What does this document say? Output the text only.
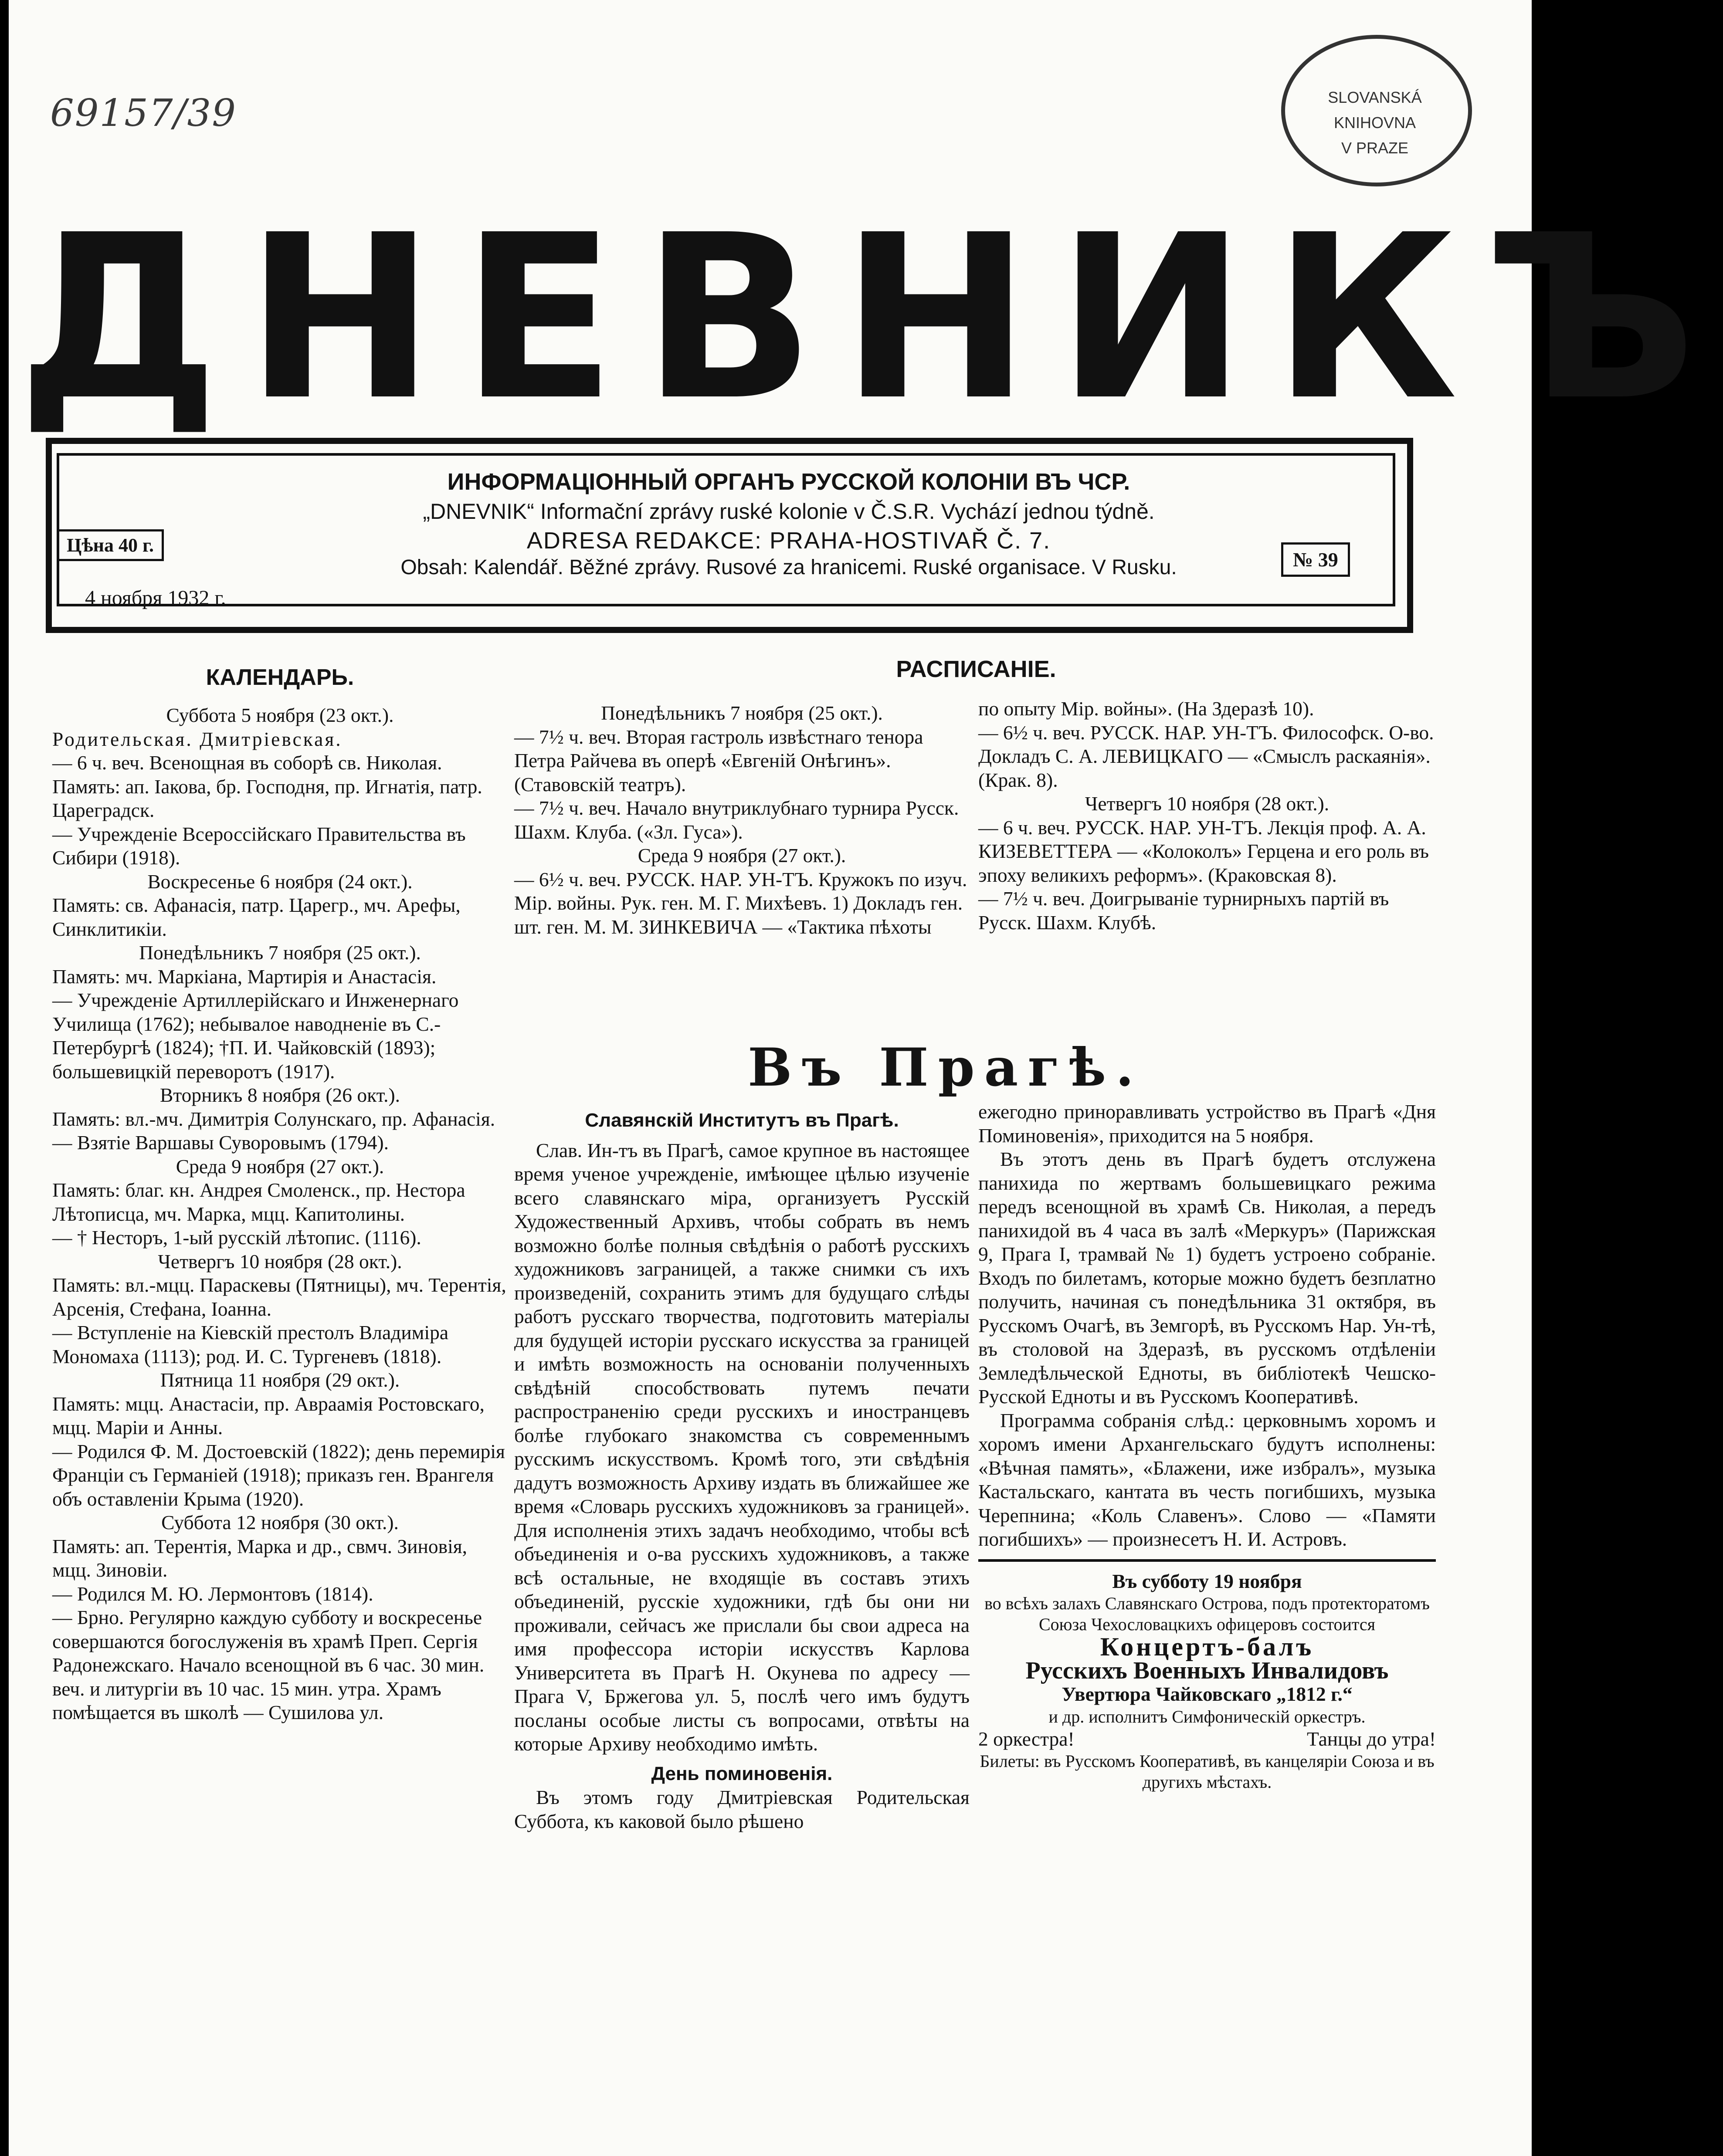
69157/39	SLOVANSKÁ
KNIHOVNA
V PRAZE
ДНЕВНИКЪ
ИНФОРМАЦIОННЫЙ ОРГАНЪ РУССКОЙ КОЛОНIИ ВЪ ЧСР.
„DNEVNIK“ Informační zprávy ruské kolonie v Č.S.R. Vychází jednou týdně.
ADRESA REDAKCE: PRAHA-HOSTIVAŘ Č. 7.
Obsah: Kalendář. Běžné zprávy. Rusové za hranicemi. Ruské organisace. V Rusku.
Цѣна 40 г.
№ 39
4 ноября 1932 г.
КАЛЕНДАРЬ.

Суббота 5 ноября (23 окт.).

Родительская. Дмитрiевская.

— 6 ч. веч. Всенощная въ соборѣ св. Николая.

Память: ап. Iакова, бр. Господня, пр. Игнатiя, патр. Цареградск.

— Учрежденiе Всероссiйскаго Правительства въ Сибири (1918).

Воскресенье 6 ноября (24 окт.).

Память: св. Афанасiя, патр. Цaрегр., мч. Арефы, Синклитикiи.

Понедѣльникъ 7 ноября (25 окт.).

Память: мч. Маркiана, Мартирiя и Анастасiя.

— Учрежденiе Артиллерiйскаго и Инженернаго Училища (1762); небывалое наводненiе въ С.-Петербургѣ (1824); †П. И. Чайковскiй (1893); большевицкiй переворотъ (1917).

Вторникъ 8 ноября (26 окт.).

Память: вл.-мч. Димитрiя Солунскаго, пр. Афанасiя.

— Взятiе Варшавы Суворовымъ (1794).

Среда 9 ноября (27 окт.).

Память: благ. кн. Андрея Смоленск., пр. Нестора Лѣтописца, мч. Марка, мцц. Капитолины.

— † Несторъ, 1-ый русскiй лѣтопис. (1116).

Четвергъ 10 ноября (28 окт.).

Память: вл.-мцц. Параскевы (Пятницы), мч. Терентiя, Арсенiя, Стефана, Iоанна.

— Вступленiе на Кiевскiй престолъ Владимiра Мономаха (1113); род. И. С. Тургеневъ (1818).

Пятница 11 ноября (29 окт.).

Память: мцц. Анастасiи, пр. Авраамiя Ростовскаго, мцц. Марiи и Анны.

— Родился Ф. М. Достоевскiй (1822); день перемирiя Францiи съ Германiей (1918); приказъ ген. Врангеля объ оставленiи Крыма (1920).

Суббота 12 ноября (30 окт.).

Память: ап. Терентiя, Марка и др., свмч. Зиновiя, мцц. Зиновiи.

— Родился М. Ю. Лермонтовъ (1814).

— Брно. Регулярно каждую субботу и воскресенье совершаются богослуженiя въ храмѣ Преп. Сергiя Радонежскаго. Начало всенощной въ 6 час. 30 мин. веч. и литургiи въ 10 час. 15 мин. утра. Храмъ помѣщается въ школѣ — Сушилова ул.

РАСПИСАНIЕ.

Понедѣльникъ 7 ноября (25 окт.).

— 7½ ч. веч. Вторая гастроль извѣстнаго тенора Петра Райчева въ оперѣ «Евгенiй Онѣгинъ». (Ставовскiй театръ).

— 7½ ч. веч. Начало внутриклубнаго турнира Русск. Шахм. Клуба. («Зл. Гуса»).

Среда 9 ноября (27 окт.).

— 6½ ч. веч. РУССК. НАР. УН-ТЪ. Кружокъ по изуч. Мiр. войны. Рук. ген. М. Г. Михѣевъ. 1) Докладъ ген. шт. ген. М. М. ЗИНКЕВИЧА — «Тактика пѣхоты

по опыту Мiр. войны». (На Здеразѣ 10).

— 6½ ч. веч. РУССК. НАР. УН-ТЪ. Философск. О-во. Докладъ С. А. ЛЕВИЦКАГО — «Смыслъ раскаянiя». (Крак. 8).

Четвергъ 10 ноября (28 окт.).

— 6 ч. веч. РУССК. НАР. УН-ТЪ. Лекцiя проф. А. А. КИЗЕВЕТТЕРА — «Колоколъ» Герцена и его роль въ эпоху великихъ реформъ». (Краковская 8).

— 7½ ч. веч. Доигрыванiе турнирныхъ партiй въ Русск. Шахм. Клубѣ.

Въ Прагѣ.

Славянскiй Институтъ въ Прагѣ.

Слав. Ин-тъ въ Прагѣ, самое крупное въ настоящее время ученое учрежденiе, имѣющее цѣлью изученiе всего славянскаго мiра, организуетъ Русскiй Художественный Архивъ, чтобы собрать въ немъ возможно болѣе полныя свѣдѣнiя о работѣ русскихъ художниковъ заграницей, а также снимки съ ихъ произведенiй, сохранить этимъ для будущаго слѣды работъ русскаго творчества, подготовить матерiалы для будущей исторiи русскаго искусства за границей и имѣть возможность на основанiи полученныхъ свѣдѣнiй способствовать путемъ печати распространенiю среди русскихъ и иностранцевъ болѣе глубокаго знакомства съ современнымъ русскимъ искусствомъ. Кромѣ того, эти свѣдѣнiя дадутъ возможность Архиву издать въ ближайшее же время «Словарь русскихъ художниковъ за границей». Для исполненiя этихъ задачъ необходимо, чтобы всѣ объединенiя и о-ва русскихъ художниковъ, а также всѣ остальные, не входящiе въ составъ этихъ объединенiй, русскiе художники, гдѣ бы они ни проживали, сейчасъ же прислали бы свои адреса на имя профессора исторiи искусствъ Карлова Университета въ Прагѣ Н. Окунева по адресу — Прага V, Бржегова ул. 5, послѣ чего имъ будутъ посланы особые листы съ вопросами, отвѣты на которые Архиву необходимо имѣть.

День поминовенiя.

Въ этомъ году Дмитрiевская Родительская Суббота, къ каковой было рѣшено

ежегодно приноравливать устройство въ Прагѣ «Дня Поминовенiя», приходится на 5 ноября.

Въ этотъ день въ Прагѣ будетъ отслужена панихида по жертвамъ большевицкаго режима передъ всенощной въ храмѣ Св. Николая, а передъ панихидой въ 4 часа въ залѣ «Меркуръ» (Парижская 9, Прага I, трамвай № 1) будетъ устроено собранiе. Входъ по билетамъ, которые можно будетъ безплатно получить, начиная съ понедѣльника 31 октября, въ Русскомъ Очагѣ, въ Земгорѣ, въ Русскомъ Нар. Ун-тѣ, въ столовой на Здеразѣ, въ русскомъ отдѣленiи Земледѣльческой Едноты, въ библiотекѣ Чешско-Русской Едноты и въ Русскомъ Кооперативѣ.

Программа собранiя слѣд.: церковнымъ хоромъ и хоромъ имени Архангельскаго будутъ исполнены: «Вѣчная память», «Блажени, иже избралъ», музыка Кастальскаго, кантата въ честь погибшихъ, музыка Черепнина; «Коль Славенъ». Слово — «Памяти погибшихъ» — произнесетъ Н. И. Астровъ.

Въ субботу 19 ноября

во всѣхъ залахъ Славянскаго Острова, подъ протекторатомъ Союза Чехословацкихъ офицеровъ состоится

Концертъ-балъ

Русскихъ Военныхъ Инвалидовъ

Увертюра Чайковскаго „1812 г.“

и др. исполнитъ Симфоническiй оркестръ.

2 оркестра!	Танцы до утра!

Билеты: въ Русскомъ Кооперативѣ, въ канцелярiи Союза и въ другихъ мѣстахъ.
